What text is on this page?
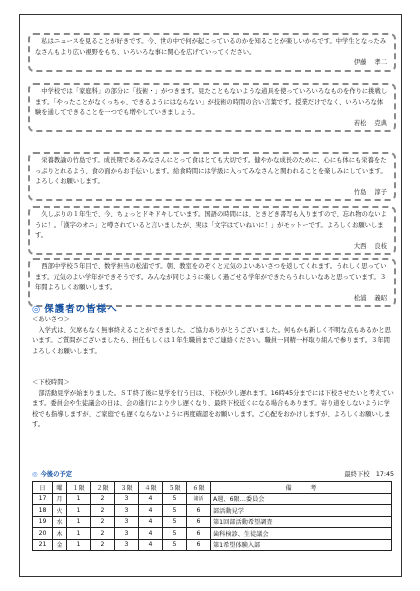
私はニュースを見ることが好きです。今、世の中で何が起こっているのかを知ることが楽しいからです。中学生となったみなさんもより広い視野をもち、いろいろな事に関心を広げていってください。

伊藤 孝二

中学校では「家庭科」の部分に「技術・」がつきます。見たこともないような道具を使っていろいろなものを作りに挑戦します。「やったことがなくっちゃ、できるようにはならない」が技術の時間の合い言葉です。授業だけでなく、いろいろな体験を通してできることを一つでも増やしていきましょう。

若松 克典

栄養教諭の竹島です。成長期であるみなさんにとって食はとても大切です。健やかな成長のために、心にも体にも栄養をたっぷりとれるよう、食の面からお手伝いします。給食時間には学級に入ってみなさんと関われることを楽しみにしています。よろしくお願いします。

竹島 淳子

久しぶりの１年生で、今、ちょっとドキドキしています。国語の時間には、ときどき書写も入りますので、忘れ物のないように！。「漢字のオニ」と噂されていると言いましたが、実は「文字はていねいに！」がモットーです。よろしくお願いします。

大西 良枝

西部中学校５年目で、数学担当の松浦です。朝、教室をのぞくと元気のよいあいさつを返してくれます。うれしく思っています。元気のよい学年ができそうです。みんなが同じように楽しく過ごせる学年ができたらうれしいなあと思っています。３年間よろしくお願いします。

松浦 義昭
◎ 保護者の皆様へ

＜あいさつ＞

入学式は、欠席もなく無事終えることができました。ご協力ありがとうございました。何もかも新しく不明な点もあるかと思います。ご質問がございましたら、担任もしくは１年生職員までご連絡ください。職員一同精一杯取り組んで参ります。３年間よろしくお願いします。

＜下校時間＞

部活動見学が始まりました。ＳＴ終了後に見学を行う日は、下校が少し遅れます。16時45分までには下校させたいと考えています。委員会や生徒議会の日は、会の進行により少し遅くなり、最終下校近くになる場合もあります。寄り道をしないように学校でも指導しますが、ご家庭でも遅くならないように再度確認をお願いします。ご心配をおかけしますが、よろしくお願いします。

◎ 今後の予定	最終下校　17:45
日	曜	１限	２限	３限	４限	５限	６限	備　　　考
17	月	1	2	3	4	5	諸活	A週、6限…委員会
18	火	1	2	3	4	5	6	部活動見学
19	水	1	2	3	4	5	6	第1回部活動希望調査
20	木	1	2	3	4	5	6	歯科検診、生徒議会
21	金	1	2	3	4	5	6	第1希望体験入部
